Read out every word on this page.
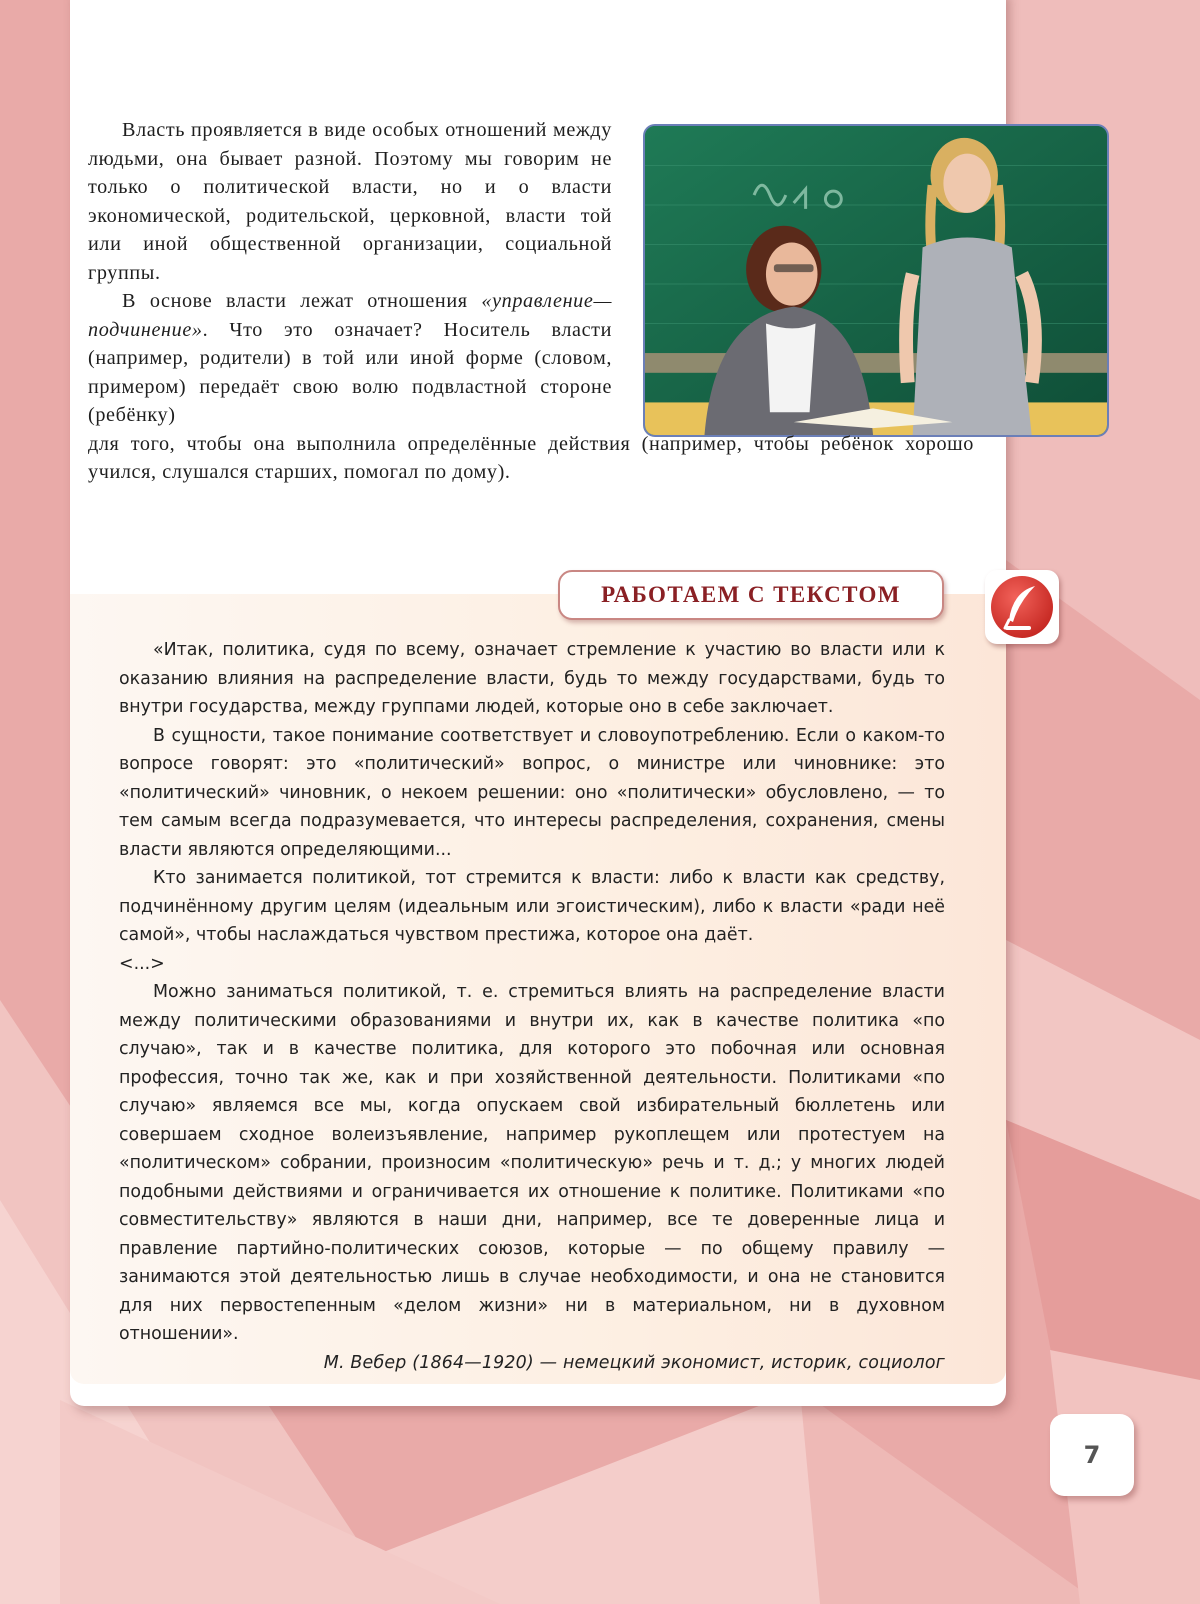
Власть проявляется в виде особых отношений между людьми, она бывает разной. Поэтому мы говорим не только о политической власти, но и о власти экономической, родительской, церковной, власти той или иной общественной организации, социальной группы.

В основе власти лежат отношения «управление—подчинение». Что это означает? Носитель власти (например, родители) в той или иной форме (словом, примером) передаёт свою волю подвластной стороне (ребёнку)

для того, чтобы она выполнила определённые действия (например, чтобы ребёнок хорошо учился, слушался старших, помогал по дому).

РАБОТАЕМ С ТЕКСТОМ

«Итак, политика, судя по всему, означает стремление к участию во власти или к оказанию влияния на распределение власти, будь то между государствами, будь то внутри государства, между группами людей, которые оно в себе заключает.

В сущности, такое понимание соответствует и словоупотреблению. Если о каком-то вопросе говорят: это «политический» вопрос, о министре или чиновнике: это «политический» чиновник, о некоем решении: оно «политически» обусловлено, — то тем самым всегда подразумевается, что интересы распределения, сохранения, смены власти являются определяющими...

Кто занимается политикой, тот стремится к власти: либо к власти как средству, подчинённому другим целям (идеальным или эгоистическим), либо к власти «ради неё самой», чтобы наслаждаться чувством престижа, которое она даёт.

<...>

Можно заниматься политикой, т. е. стремиться влиять на распределение власти между политическими образованиями и внутри их, как в качестве политика «по случаю», так и в качестве политика, для которого это побочная или основная профессия, точно так же, как и при хозяйственной деятельности. Политиками «по случаю» являемся все мы, когда опускаем свой избирательный бюллетень или совершаем сходное волеизъявление, например рукоплещем или протестуем на «политическом» собрании, произносим «политическую» речь и т. д.; у многих людей подобными действиями и ограничивается их отношение к политике. Политиками «по совместительству» являются в наши дни, например, все те доверенные лица и правление партийно-политических союзов, которые — по общему правилу — занимаются этой деятельностью лишь в случае необходимости, и она не становится для них первостепенным «делом жизни» ни в материальном, ни в духовном отношении».

М. Вебер (1864—1920) — немецкий экономист, историк, социолог
7
